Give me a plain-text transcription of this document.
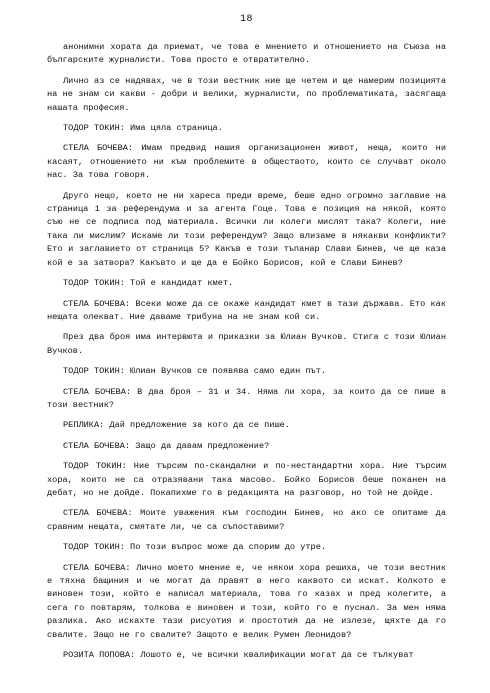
18

анонимни хората да приемат, че това е мнението и отношението на Съюза на българските журналисти. Това просто е отвратително.

Лично аз се надявах, че в този вестник ние ще четем и ще намерим позицията на не знам си какви - добри и велики, журналисти, по проблематиката, засягаща нашата професия.

ТОДОР ТОКИН: Има цяла страница.

СТЕЛА БОЧЕВА: Имам предвид нашия организационен живот, неща, които ни касаят, отношението ни към проблемите в обществото, които се случват около нас. За това говоря.

Друго нещо, което не ни хареса преди време, беше едно огромно заглавие на страница 1 за референдума и за агента Гоце. Това е позиция на някой, която съю не се подписа под материала. Всички ли колеги мислят така? Колеги, ние така ли мислим? Искаме ли този референдум? Защо влизаме в някакви конфликти? Ето и заглавието от страница 5? Какъв е този тъпанар Слави Бинев, че ще каза кой е за затвора? Какъвто и ще да е Бойко Борисов, кой е Слави Бинев?

ТОДОР ТОКИН: Той е кандидат кмет.

СТЕЛА БОЧЕВА: Всеки може да се окаже кандидат кмет в тази държава. Ето как нещата олекват. Ние даваме трибуна на не знам кой си.

През два броя има интервюта и приказки за Юлиан Вучков. Стига с този Юлиан Вучков.

ТОДОР ТОКИН: Юлиан Вучков се появява само един път.

СТЕЛА БОЧЕВА: В два броя – 31 и 34. Няма ли хора, за които да се пише в този вестник?

РЕПЛИКА: Дай предложение за кого да се пише.

СТЕЛА БОЧЕВА: Защо да давам предложение?

ТОДОР ТОКИН: Ние търсим по-скандални и по-нестандартни хора. Ние търсим хора, които не са отразявани така масово. Бойко Борисов беше поканен на дебат, но не дойде. Покапихме го в редакцията на разговор, но той не дойде.

СТЕЛА БОЧЕВА: Моите уважения към господин Бинев, но ако се опитаме да сравним нещата, смятате ли, че са съпоставими?

ТОДОР ТОКИН: По този въпрос може да спорим до утре.

СТЕЛА БОЧЕВА: Лично моето мнение е, че някои хора решиха, че този вестник е тяхна бащиния и че могат да правят в него каквото си искат. Колкото е виновен този, който е написал материала, това го казах и пред колегите, а сега го повтарям, толкова е виновен и този, който го е пуснал. За мен няма разлика. Ако искахте тази рисуотия и простотия да не излезе, щяхте да го свалите. Защо не го свалите? Защото е велик Румен Леонидов?

РОЗИТА ПОПОВА: Лошото е, че всички квалификации могат да се тълкуват
